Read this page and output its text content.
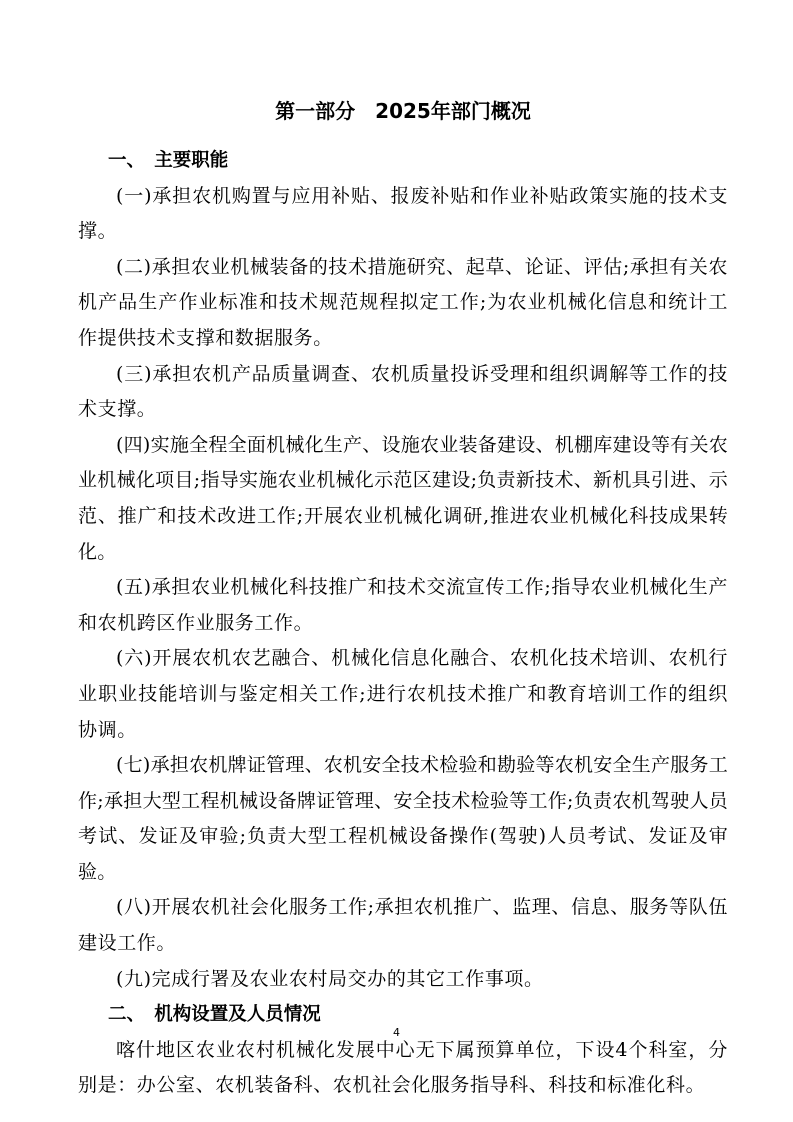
第一部分　2025年部门概况
一、　主要职能

(一)承担农机购置与应用补贴、报废补贴和作业补贴政策实施的技术支撑。

(二)承担农业机械装备的技术措施研究、起草、论证、评估;承担有关农机产品生产作业标准和技术规范规程拟定工作;为农业机械化信息和统计工作提供技术支撑和数据服务。

(三)承担农机产品质量调查、农机质量投诉受理和组织调解等工作的技术支撑。

(四)实施全程全面机械化生产、设施农业装备建设、机棚库建设等有关农业机械化项目;指导实施农业机械化示范区建设;负责新技术、新机具引进、示范、推广和技术改进工作;开展农业机械化调研,推进农业机械化科技成果转化。

(五)承担农业机械化科技推广和技术交流宣传工作;指导农业机械化生产和农机跨区作业服务工作。

(六)开展农机农艺融合、机械化信息化融合、农机化技术培训、农机行业职业技能培训与鉴定相关工作;进行农机技术推广和教育培训工作的组织协调。

(七)承担农机牌证管理、农机安全技术检验和勘验等农机安全生产服务工作;承担大型工程机械设备牌证管理、安全技术检验等工作;负责农机驾驶人员考试、发证及审验;负责大型工程机械设备操作(驾驶)人员考试、发证及审验。

(八)开展农机社会化服务工作;承担农机推广、监理、信息、服务等队伍建设工作。

(九)完成行署及农业农村局交办的其它工作事项。

二、　机构设置及人员情况

喀什地区农业农村机械化发展中心无下属预算单位，下设4个科室，分别是：办公室、农机装备科、农机社会化服务指导科、科技和标准化科。

4
